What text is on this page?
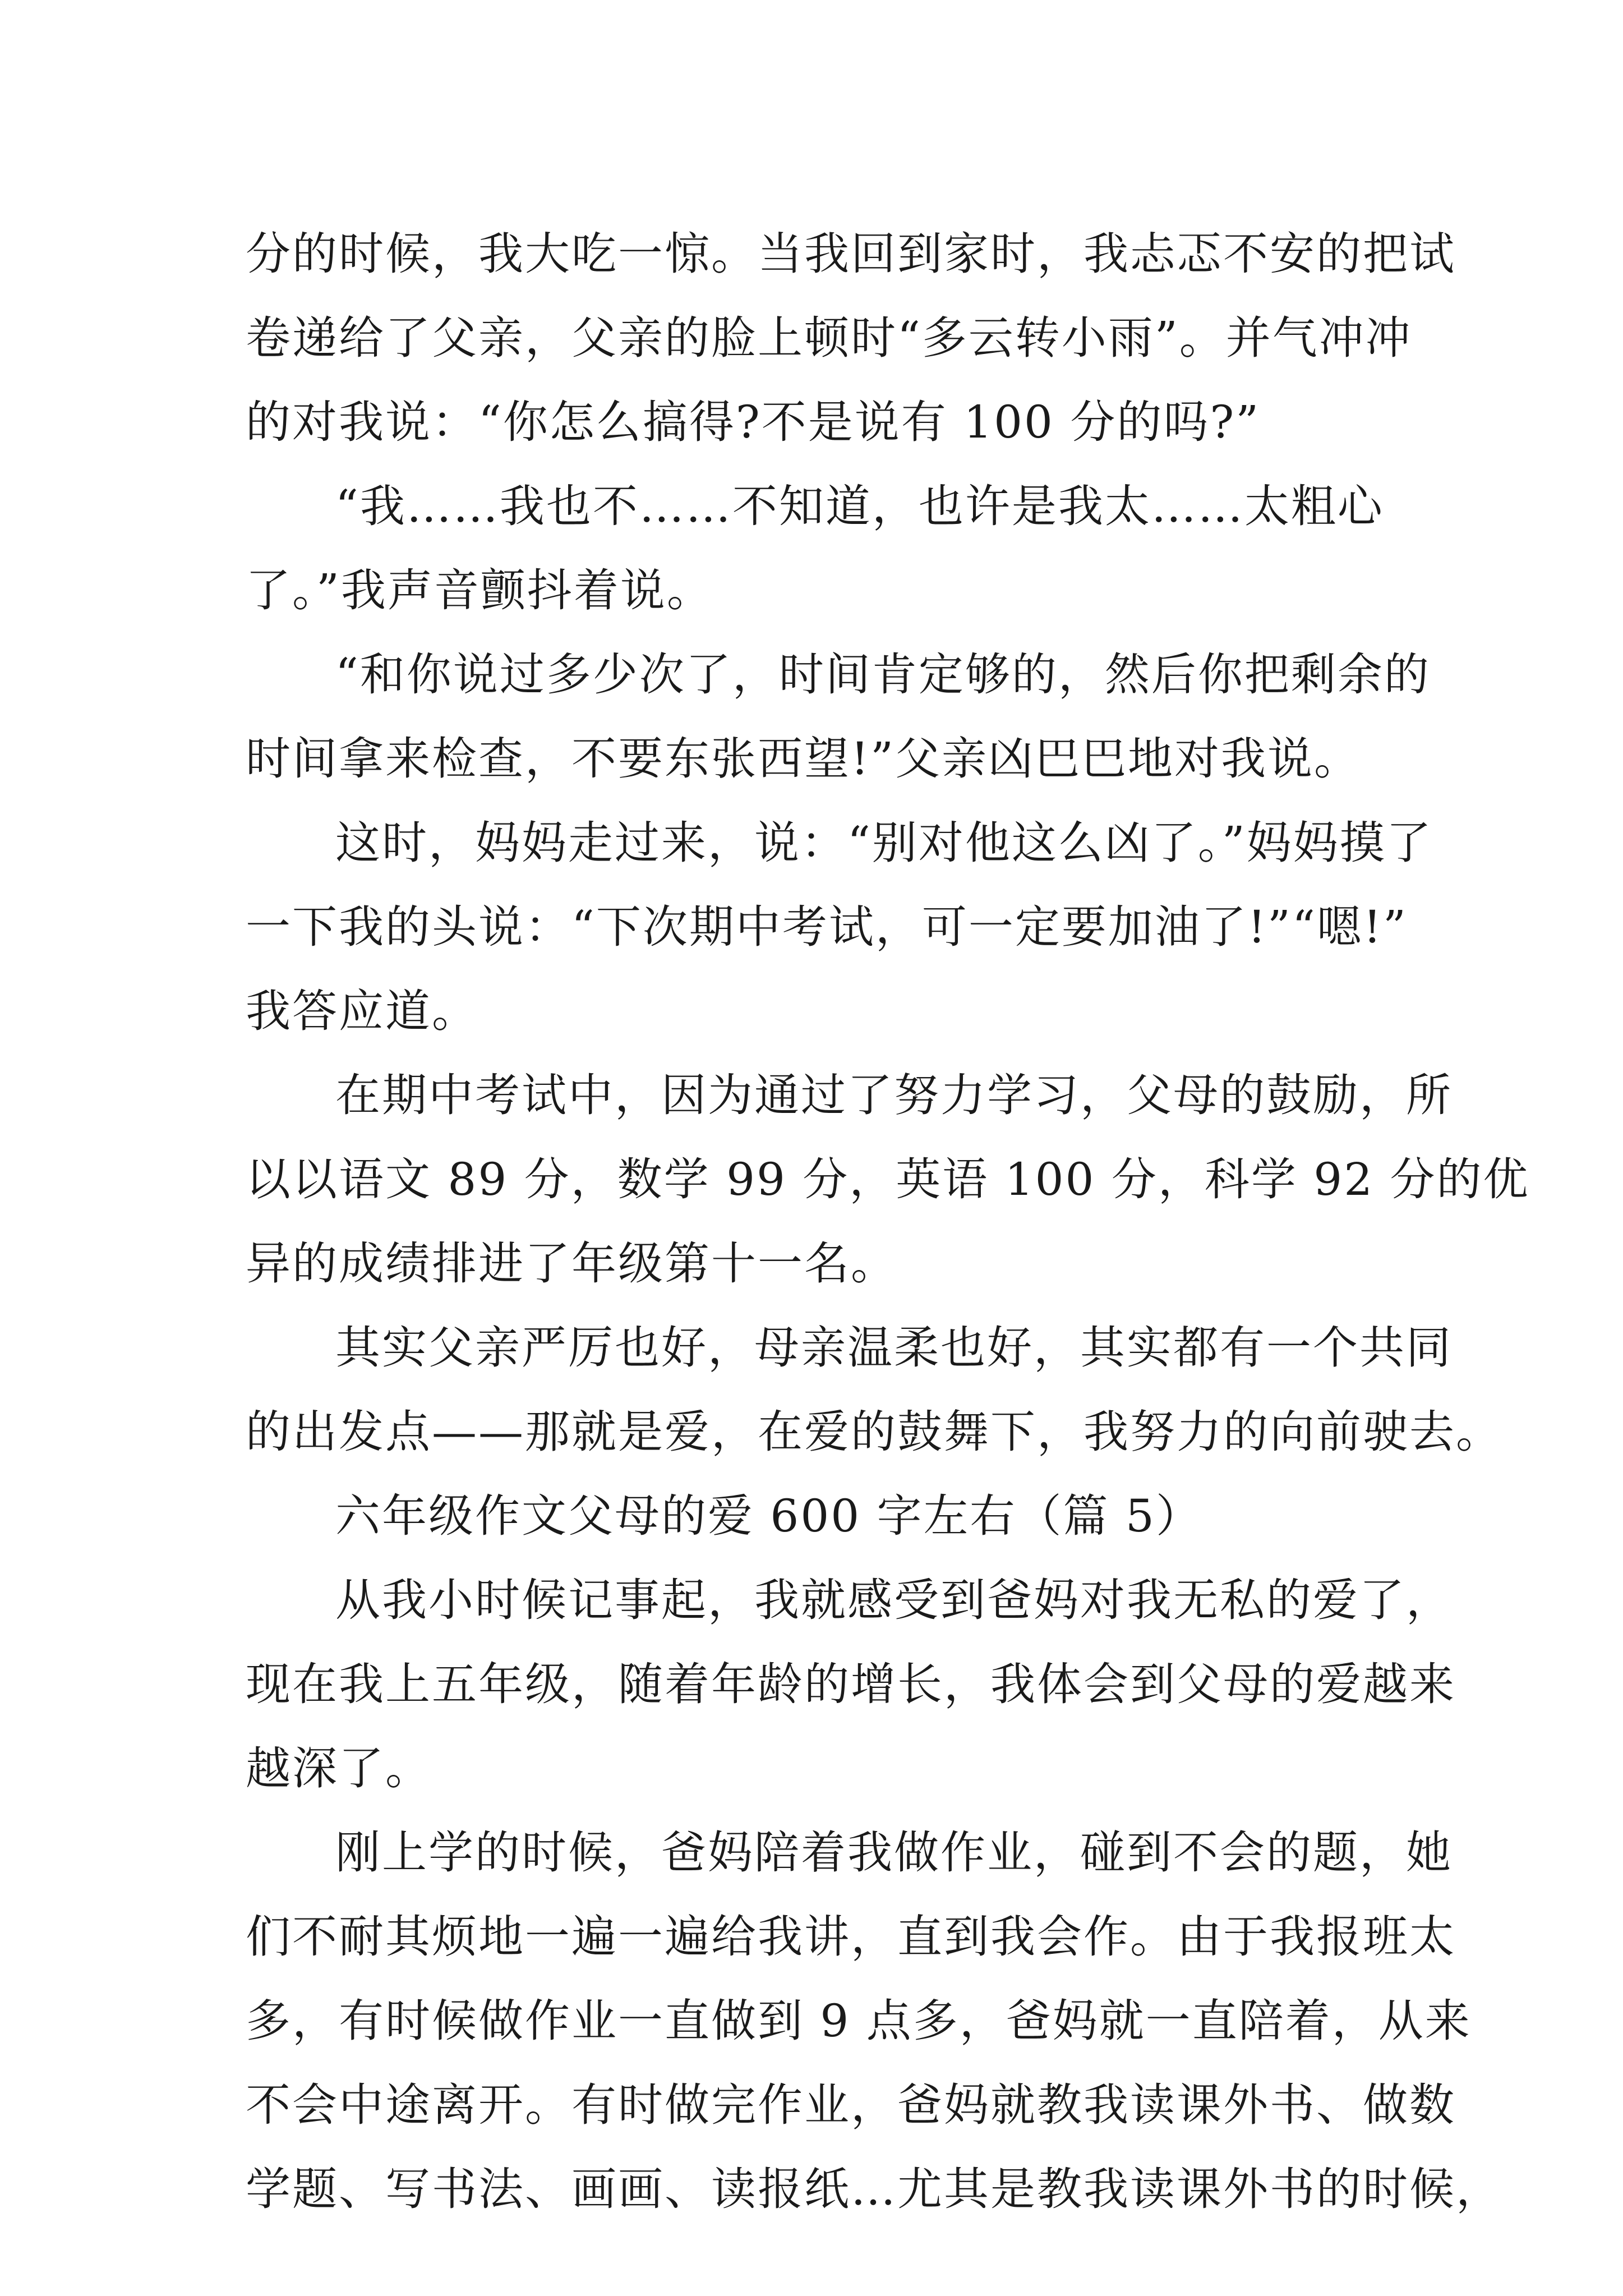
分的时候，我大吃一惊。当我回到家时，我忐忑不安的把试
卷递给了父亲，父亲的脸上顿时“多云转小雨”。并气冲冲
的对我说：“你怎么搞得?不是说有 100 分的吗?”
“我……我也不……不知道，也许是我太……太粗心
了。”我声音颤抖着说。
“和你说过多少次了，时间肯定够的，然后你把剩余的
时间拿来检查，不要东张西望!”父亲凶巴巴地对我说。
这时，妈妈走过来，说：“别对他这么凶了。”妈妈摸了
一下我的头说：“下次期中考试，可一定要加油了!”“嗯!”
我答应道。
在期中考试中，因为通过了努力学习，父母的鼓励，所
以以语文 89 分，数学 99 分，英语 100 分，科学 92 分的优
异的成绩排进了年级第十一名。
其实父亲严厉也好，母亲温柔也好，其实都有一个共同
的出发点——那就是爱，在爱的鼓舞下，我努力的向前驶去。
六年级作文父母的爱 600 字左右（篇 5）
从我小时候记事起，我就感受到爸妈对我无私的爱了，
现在我上五年级，随着年龄的增长，我体会到父母的爱越来
越深了。
刚上学的时候，爸妈陪着我做作业，碰到不会的题，她
们不耐其烦地一遍一遍给我讲，直到我会作。由于我报班太
多，有时候做作业一直做到 9 点多，爸妈就一直陪着，从来
不会中途离开。有时做完作业，爸妈就教我读课外书、做数
学题、写书法、画画、读报纸…尤其是教我读课外书的时候，
